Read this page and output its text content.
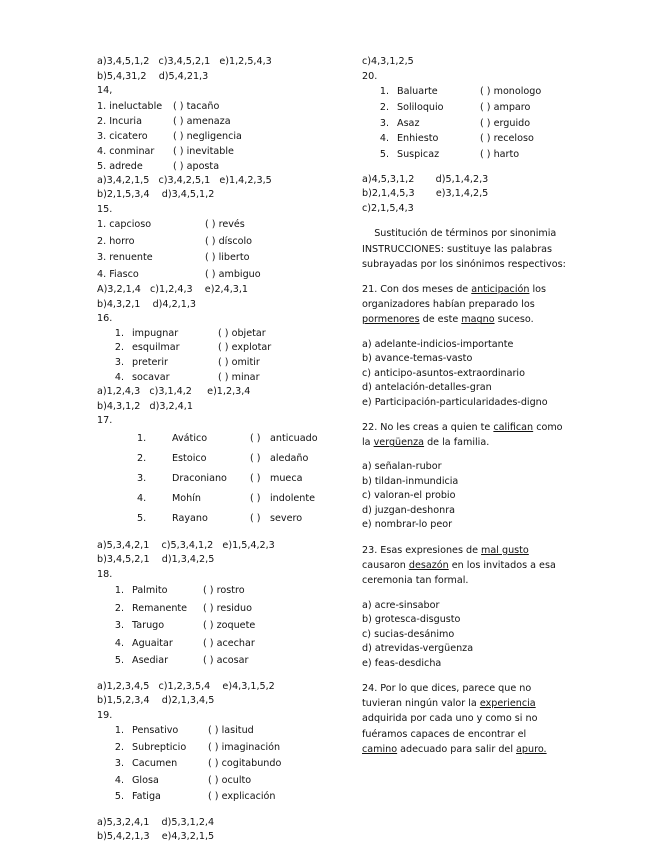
a)3,4,5,1,2   c)3,4,5,2,1   e)1,2,5,4,3
b)5,4,31,2    d)5,4,21,3
14,
1. ineluctable	( ) tacaño
2. Incuria	( ) amenaza
3. cicatero	( ) negligencia
4. conminar	( ) inevitable
5. adrede	( ) aposta
a)3,4,2,1,5   c)3,4,2,5,1   e)1,4,2,3,5
b)2,1,5,3,4    d)3,4,5,1,2
15.
1. capcioso	( ) revés
2. horro	( ) díscolo
3. renuente	( ) liberto
4. Fiasco	( ) ambiguo
A)3,2,1,4   c)1,2,4,3    e)2,4,3,1
b)4,3,2,1    d)4,2,1,3
16.
1. impugnar	( ) objetar
2. esquilmar	( ) explotar
3. preterir	( ) omitir
4. socavar	( ) minar
a)1,2,4,3   c)3,1,4,2     e)1,2,3,4
b)4,3,1,2   d)3,2,4,1
17.
1.	Avático	( ) anticuado
2.	Estoico	( ) aledaño
3.	Draconiano	( ) mueca
4.	Mohín	( ) indolente
5.	Rayano	( ) severo
a)5,3,4,2,1    c)5,3,4,1,2   e)1,5,4,2,3
b)3,4,5,2,1    d)1,3,4,2,5
18.
1. Palmito	( ) rostro
2. Remanente	( ) residuo
3. Tarugo	( ) zoquete
4. Aguaitar	( ) acechar
5. Asediar	( ) acosar
a)1,2,3,4,5   c)1,2,3,5,4    e)4,3,1,5,2
b)1,5,2,3,4    d)2,1,3,4,5
19.
1. Pensativo	( ) lasitud
2. Subrepticio	( ) imaginación
3. Cacumen	( ) cogitabundo
4. Glosa	( ) oculto
5. Fatiga	( ) explicación
a)5,3,2,4,1    d)5,3,1,2,4
b)5,4,2,1,3    e)4,3,2,1,5
c)4,3,1,2,5
20.
1. Baluarte	( ) monologo
2. Soliloquio	( ) amparo
3. Asaz	( ) erguido
4. Enhiesto	( ) receloso
5. Suspicaz	( ) harto
a)4,5,3,1,2       d)5,1,4,2,3
b)2,1,4,5,3       e)3,1,4,2,5
c)2,1,5,4,3
Sustitución de términos por sinonimia
INSTRUCCIONES: sustituye las palabras
subrayadas por los sinónimos respectivos:
21. Con dos meses de anticipación los
organizadores habían preparado los
pormenores de este magno suceso.
a) adelante-indicios-importante
b) avance-temas-vasto
c) anticipo-asuntos-extraordinario
d) antelación-detalles-gran
e) Participación-particularidades-digno
22. No les creas a quien te califican como
la vergüenza de la familia.
a) señalan-rubor
b) tildan-inmundicia
c) valoran-el probio
d) juzgan-deshonra
e) nombrar-lo peor
23. Esas expresiones de mal gusto
causaron desazón en los invitados a esa
ceremonia tan formal.
a) acre-sinsabor
b) grotesca-disgusto
c) sucias-desánimo
d) atrevidas-vergüenza
e) feas-desdicha
24. Por lo que dices, parece que no
tuvieran ningún valor la experiencia
adquirida por cada uno y como si no
fuéramos capaces de encontrar el
camino adecuado para salir del apuro.
